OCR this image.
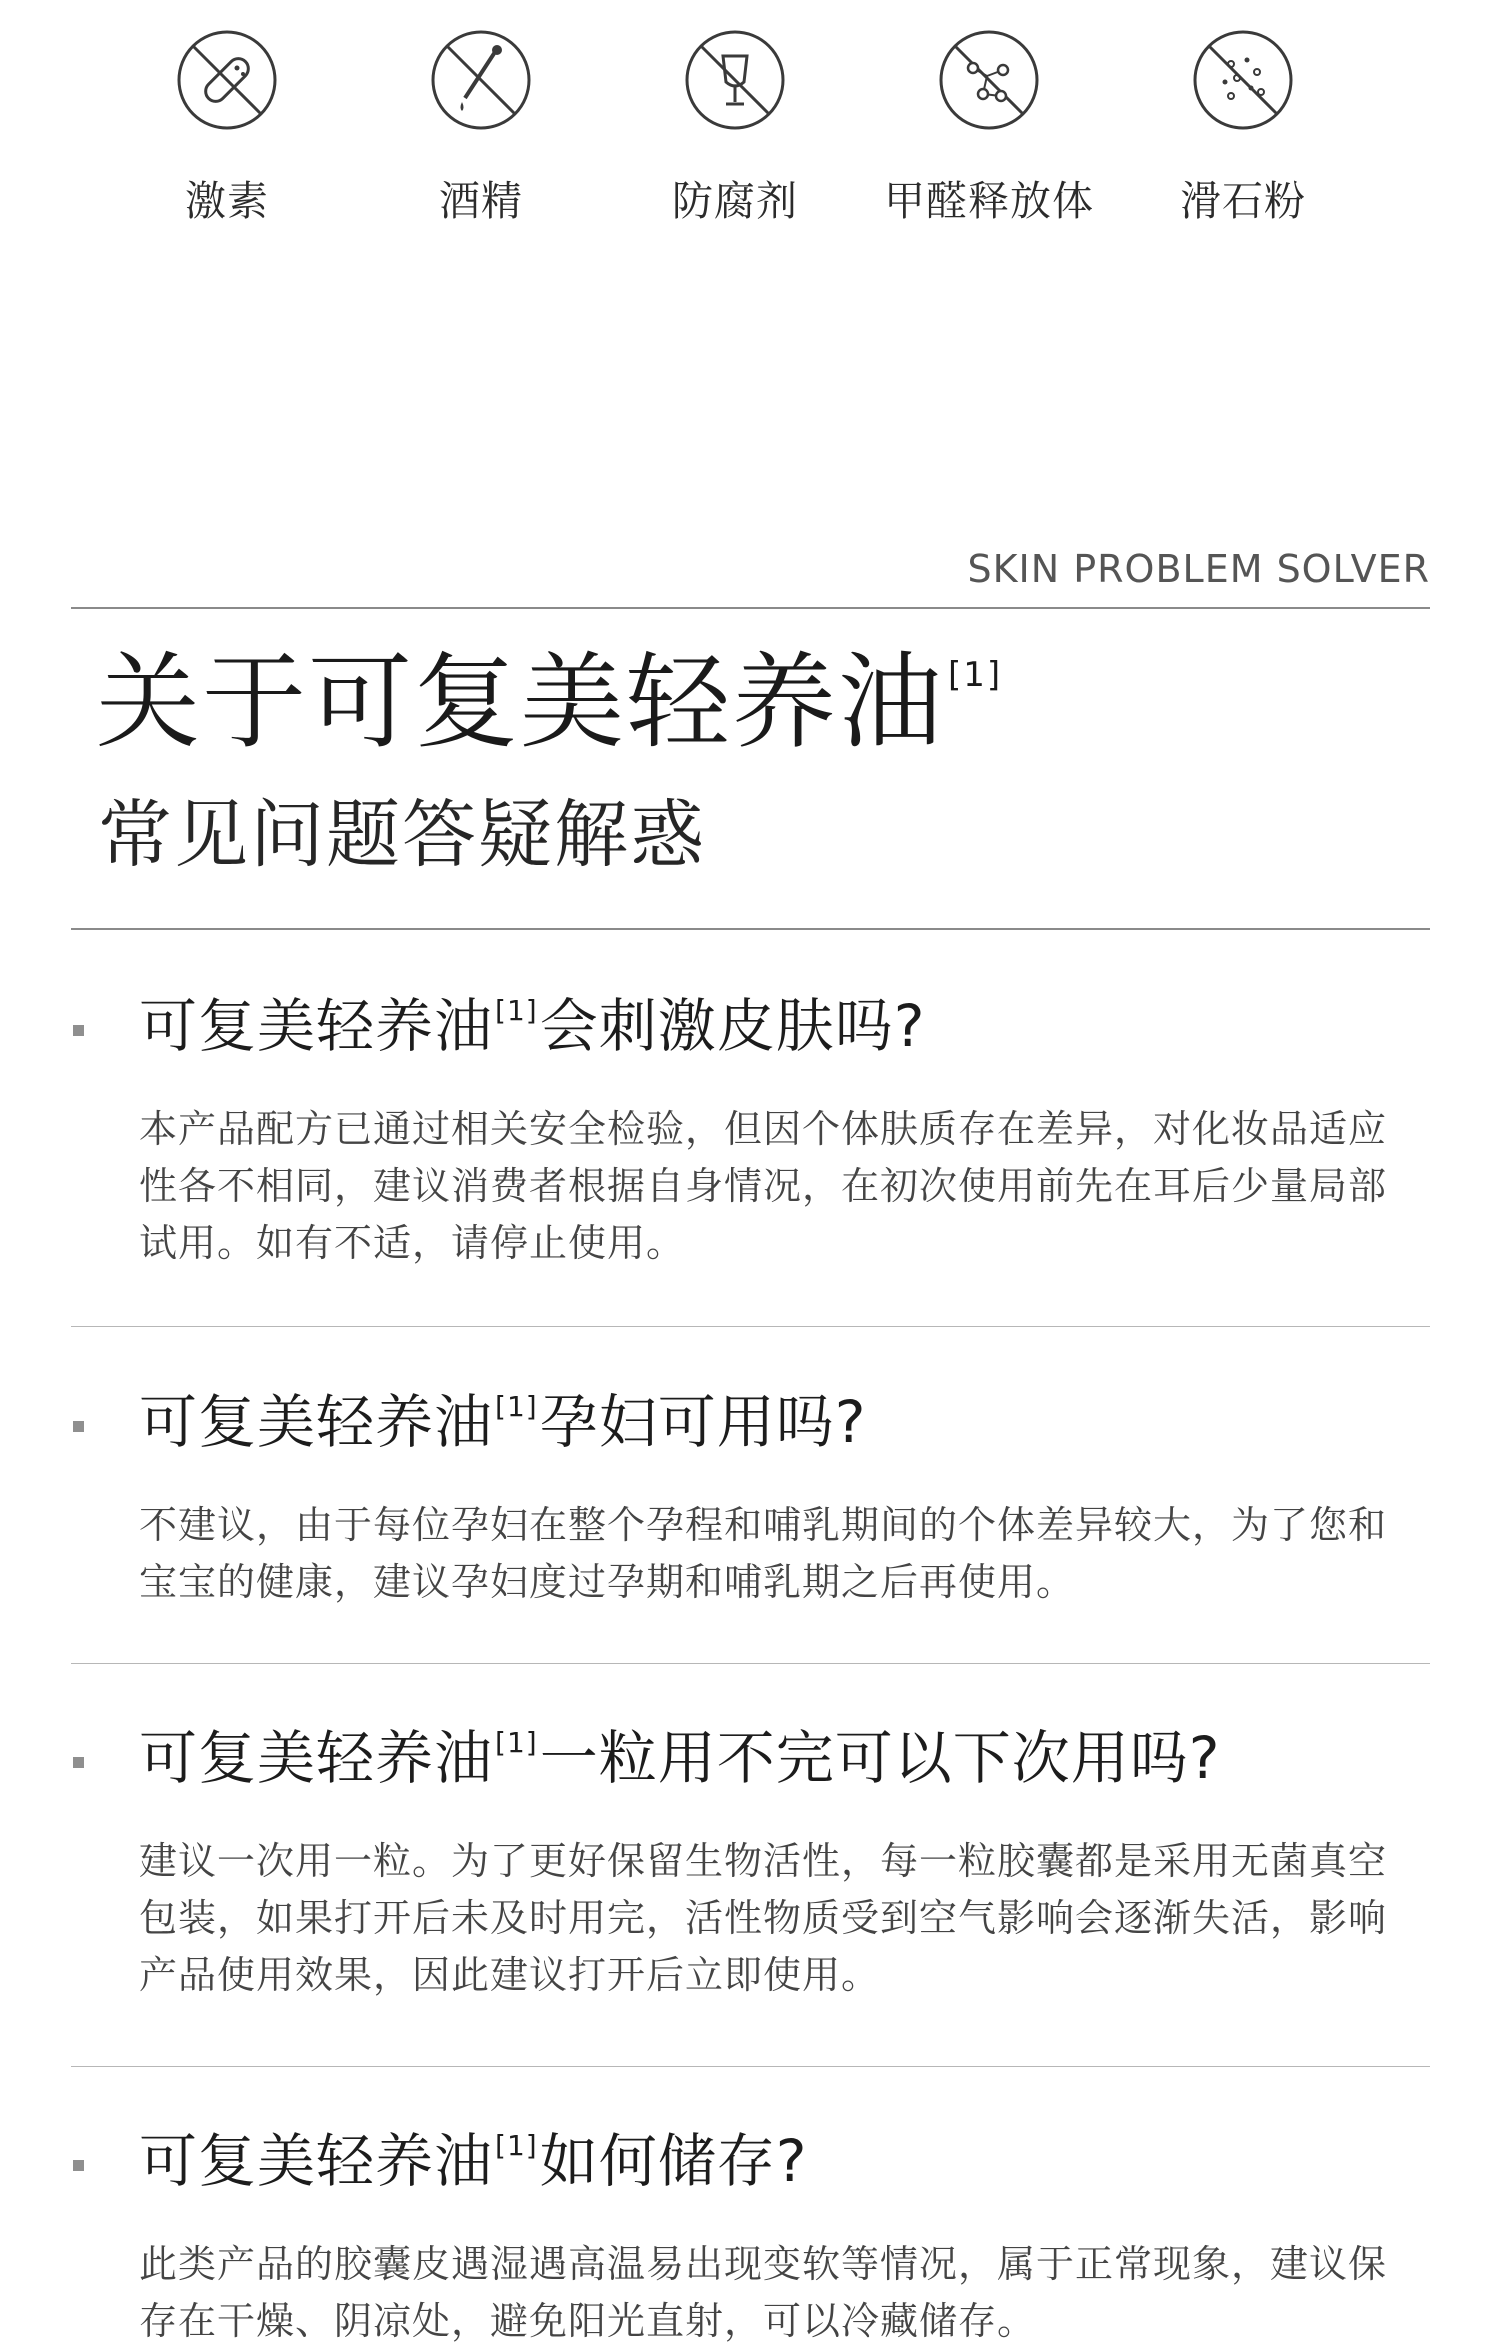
激素	酒精	防腐剂	甲醛释放体	滑石粉
SKIN PROBLEM SOLVER
关于可复美轻养油 [1]
常见问题答疑解惑
可复美轻养油[1]会刺激皮肤吗?
本产品配方已通过相关安全检验，但因个体肤质存在差异，对化妆品适应性各不相同，建议消费者根据自身情况，在初次使用前先在耳后少量局部试用。如有不适，请停止使用。
可复美轻养油[1]孕妇可用吗?
不建议，由于每位孕妇在整个孕程和哺乳期间的个体差异较大，为了您和宝宝的健康，建议孕妇度过孕期和哺乳期之后再使用。
可复美轻养油[1]一粒用不完可以下次用吗?
建议一次用一粒。为了更好保留生物活性，每一粒胶囊都是采用无菌真空包装，如果打开后未及时用完，活性物质受到空气影响会逐渐失活，影响产品使用效果，因此建议打开后立即使用。
可复美轻养油[1]如何储存?
此类产品的胶囊皮遇湿遇高温易出现变软等情况，属于正常现象，建议保存在干燥、阴凉处，避免阳光直射，可以冷藏储存。
